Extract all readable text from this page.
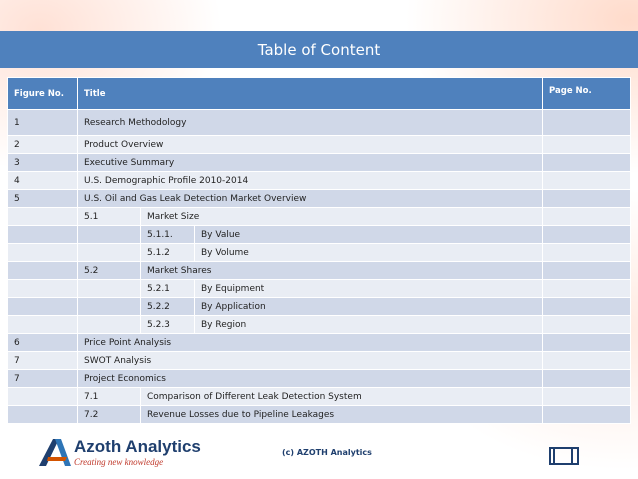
Table of Content
Figure No.	Title			Page No.
1	Research Methodology			
2	Product Overview			
3	Executive Summary			
4	U.S. Demographic Profile 2010-2014			
5	U.S. Oil and Gas Leak Detection Market Overview			
	5.1	Market Size		
		5.1.1.	By Value	
		5.1.2	By Volume	
	5.2	Market Shares		
		5.2.1	By Equipment	
		5.2.2	By Application	
		5.2.3	By Region	
6	Price Point Analysis			
7	SWOT Analysis			
7	Project Economics			
	7.1	Comparison of Different Leak Detection System		
	7.2	Revenue Losses due to Pipeline Leakages		
Azoth Analytics
Creating new knowledge
(c) AZOTH Analytics
